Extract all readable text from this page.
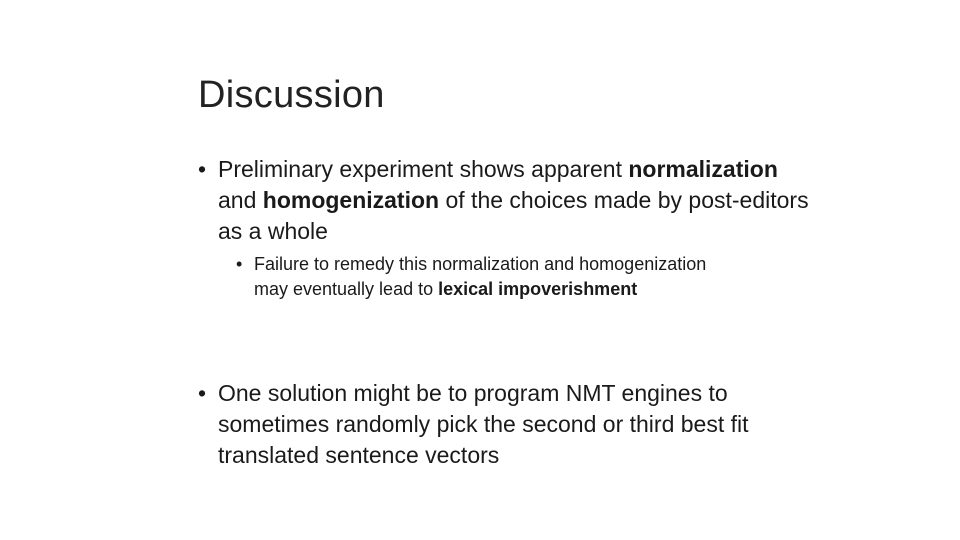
Discussion
• Preliminary experiment shows apparent normalization and homogenization of the choices made by post-editors as a whole
• Failure to remedy this normalization and homogenization may eventually lead to lexical impoverishment
• One solution might be to program NMT engines to sometimes randomly pick the second or third best fit translated sentence vectors
